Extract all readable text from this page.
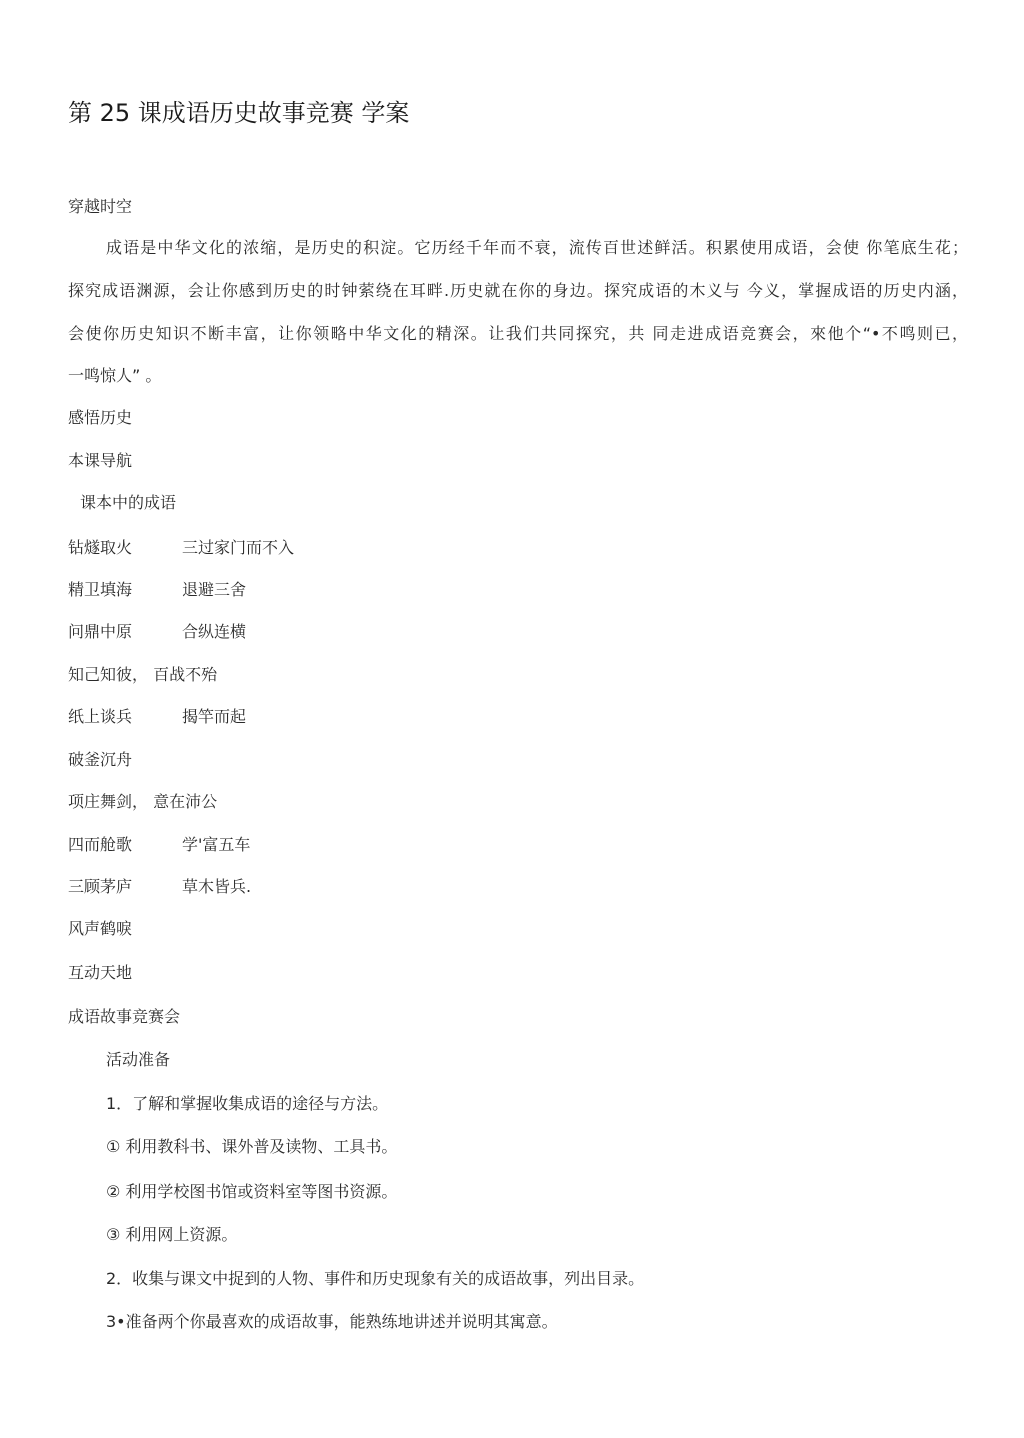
第 25 课成语历史故事竞赛 学案
穿越时空
成语是中华文化的浓缩，是历史的积淀。它历经千年而不衰，流传百世述鲜活。积累使用成语，会使 你笔底生花；
探究成语渊源，会让你感到历史的时钟萦绕在耳畔.历史就在你的身边。探究成语的木义与 今义，掌握成语的历史内涵，
会使你历史知识不断丰富，让你领略中华文化的精深。让我们共同探究，共 同走进成语竞赛会，來他个“•不鸣则已，
一鸣惊人” 。
感悟历史
本课导航
课本中的成语
钻燧取火	三过家门而不入
精卫填海	退避三舍
问鼎中原	合纵连横
知己知彼， 百战不殆
纸上谈兵	揭竿而起
破釜沉舟
项庄舞剑， 意在沛公
四而舱歌	学'富五车
三顾茅庐	草木皆兵.
风声鹤唳
互动天地
成语故事竞赛会
活动准备
1．了解和掌握收集成语的途径与方法。
① 利用教科书、课外普及读物、工具书。
② 利用学校图书馆或资料室等图书资源。
③ 利用网上资源。
2．收集与课文中捉到的人物、事件和历史现象有关的成语故事，列出目录。
3•准备两个你最喜欢的成语故事，能熟练地讲述并说明其寓意。
